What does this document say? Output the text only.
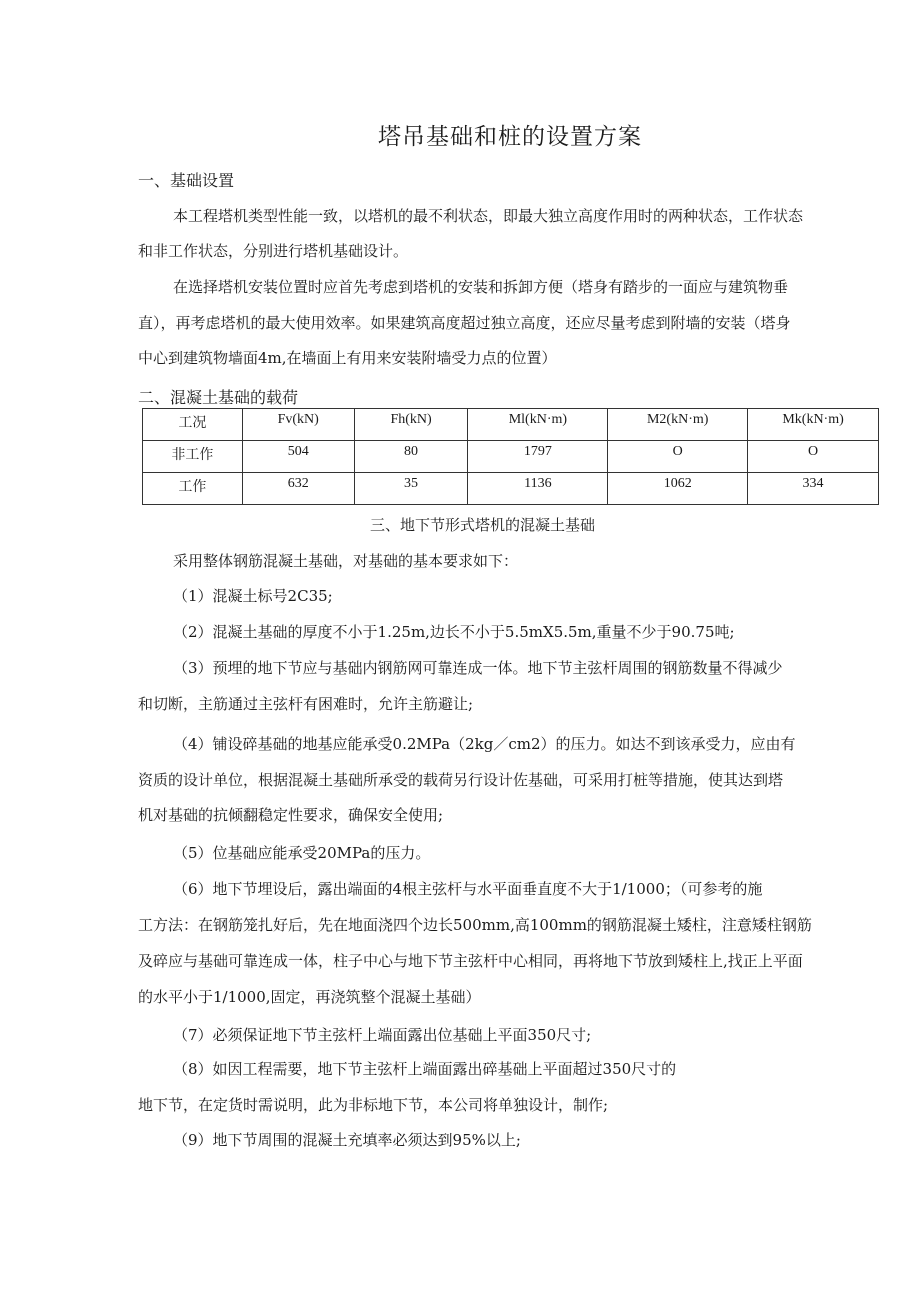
塔吊基础和桩的设置方案
一、基础设置
本工程塔机类型性能一致，以塔机的最不利状态，即最大独立高度作用时的两种状态，工作状态
和非工作状态，分别进行塔机基础设计。
在选择塔机安装位置时应首先考虑到塔机的安装和拆卸方便（塔身有踏步的一面应与建筑物垂
直），再考虑塔机的最大使用效率。如果建筑高度超过独立高度，还应尽量考虑到附墙的安装（塔身
中心到建筑物墙面4m,在墙面上有用来安装附墙受力点的位置）
二、混凝土基础的载荷
工况	Fv(kN)	Fh(kN)	Ml(kN·m)	M2(kN·m)	Mk(kN·m)
非工作	504	80	1797	O	O
工作	632	35	1136	1062	334
三、地下节形式塔机的混凝土基础
采用整体钢筋混凝土基础，对基础的基本要求如下：
（1）混凝土标号2C35;
（2）混凝土基础的厚度不小于1.25m,边长不小于5.5mX5.5m,重量不少于90.75吨;
（3）预埋的地下节应与基础内钢筋网可靠连成一体。地下节主弦杆周围的钢筋数量不得减少
和切断，主筋通过主弦杆有困难时，允许主筋避让;
（4）铺设碎基础的地基应能承受0.2MPa（2kg／cm2）的压力。如达不到该承受力，应由有
资质的设计单位，根据混凝土基础所承受的载荷另行设计佐基础，可采用打桩等措施，使其达到塔
机对基础的抗倾翻稳定性要求，确保安全使用;
（5）位基础应能承受20MPa的压力。
（6）地下节埋设后，露出端面的4根主弦杆与水平面垂直度不大于1/1000；（可参考的施
工方法：在钢筋笼扎好后，先在地面浇四个边长500mm,高100mm的钢筋混凝土矮柱，注意矮柱钢筋
及碎应与基础可靠连成一体，柱子中心与地下节主弦杆中心相同，再将地下节放到矮柱上,找正上平面
的水平小于1/1000,固定，再浇筑整个混凝土基础）
（7）必须保证地下节主弦杆上端面露出位基础上平面350尺寸;
（8）如因工程需要，地下节主弦杆上端面露出碎基础上平面超过350尺寸的
地下节，在定货时需说明，此为非标地下节，本公司将单独设计，制作;
（9）地下节周围的混凝土充填率必须达到95%以上;
